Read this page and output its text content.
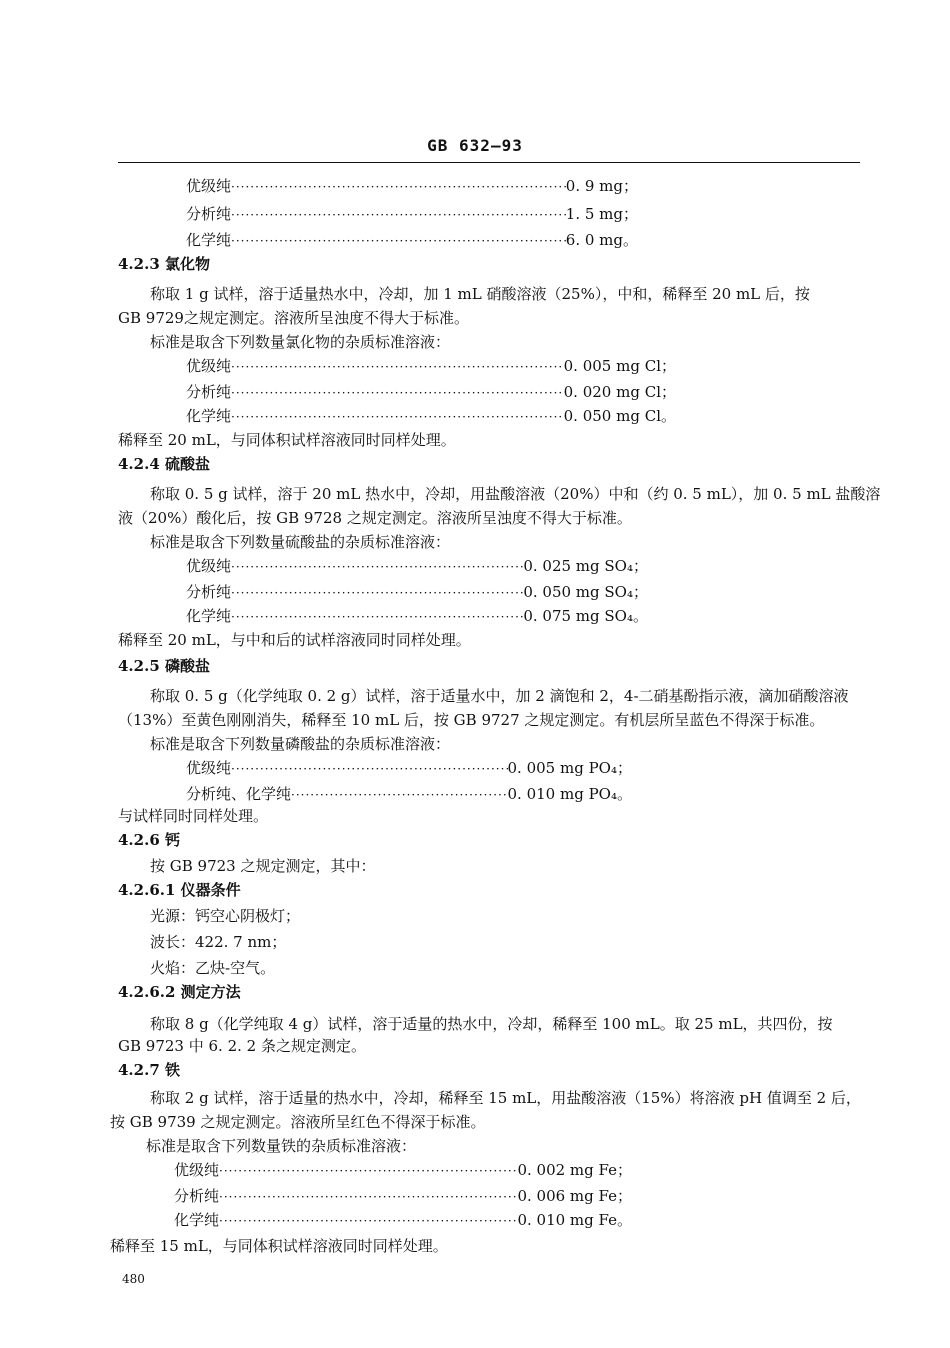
GB 632—93
优级纯 ·····	0. 9 mg；
分析纯 ·····	1. 5 mg；
化学纯 ·····	6. 0 mg。
4.2.3 氯化物
称取 1 g 试样，溶于适量热水中，冷却，加 1 mL 硝酸溶液（25%），中和，稀释至 20 mL 后，按
GB 9729之规定测定。溶液所呈浊度不得大于标准。
标准是取含下列数量氯化物的杂质标准溶液：
优级纯 ·····	0. 005 mg Cl；
分析纯 ·····	0. 020 mg Cl；
化学纯 ·····	0. 050 mg Cl。
稀释至 20 mL，与同体积试样溶液同时同样处理。
4.2.4 硫酸盐
称取 0. 5 g 试样，溶于 20 mL 热水中，冷却，用盐酸溶液（20%）中和（约 0. 5 mL），加 0. 5 mL 盐酸溶
液（20%）酸化后，按 GB 9728 之规定测定。溶液所呈浊度不得大于标准。
标准是取含下列数量硫酸盐的杂质标准溶液：
优级纯 ·····	0. 025 mg SO₄；
分析纯 ·····	0. 050 mg SO₄；
化学纯 ·····	0. 075 mg SO₄。
稀释至 20 mL，与中和后的试样溶液同时同样处理。
4.2.5 磷酸盐
称取 0. 5 g（化学纯取 0. 2 g）试样，溶于适量水中，加 2 滴饱和 2，4-二硝基酚指示液，滴加硝酸溶液
（13%）至黄色刚刚消失，稀释至 10 mL 后，按 GB 9727 之规定测定。有机层所呈蓝色不得深于标准。
标准是取含下列数量磷酸盐的杂质标准溶液：
优级纯 ·····	0. 005 mg PO₄；
分析纯、化学纯 ·····	0. 010 mg PO₄。
与试样同时同样处理。
4.2.6 钙
按 GB 9723 之规定测定，其中：
4.2.6.1 仪器条件
光源：钙空心阴极灯；
波长：422. 7 nm；
火焰：乙炔-空气。
4.2.6.2 测定方法
称取 8 g（化学纯取 4 g）试样，溶于适量的热水中，冷却，稀释至 100 mL。取 25 mL，共四份，按
GB 9723 中 6. 2. 2 条之规定测定。
4.2.7 铁
称取 2 g 试样，溶于适量的热水中，冷却，稀释至 15 mL，用盐酸溶液（15%）将溶液 pH 值调至 2 后，
按 GB 9739 之规定测定。溶液所呈红色不得深于标准。
标准是取含下列数量铁的杂质标准溶液：
优级纯 ·····	0. 002 mg Fe；
分析纯 ·····	0. 006 mg Fe；
化学纯 ·····	0. 010 mg Fe。
稀释至 15 mL，与同体积试样溶液同时同样处理。
480
